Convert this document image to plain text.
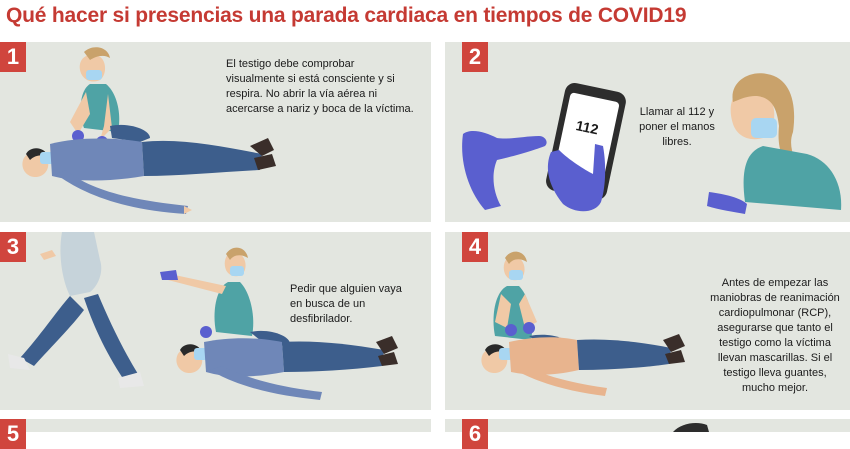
Qué hacer si presencias una parada cardiaca en tiempos de COVID19
1	El testigo debe comprobar visualmente si está consciente y si respira. No abrir la vía aérea ni acercarse a nariz y boca de la víctima.

2
112

Llamar al 112 y poner el manos libres.

3

Pedir que alguien vaya en busca de un desfibrilador.

4

Antes de empezar las maniobras de reanimación cardiopulmonar (RCP), asegurarse que tanto el testigo como la víctima llevan mascarillas. Si el testigo lleva guantes, mucho mejor.

5	6
